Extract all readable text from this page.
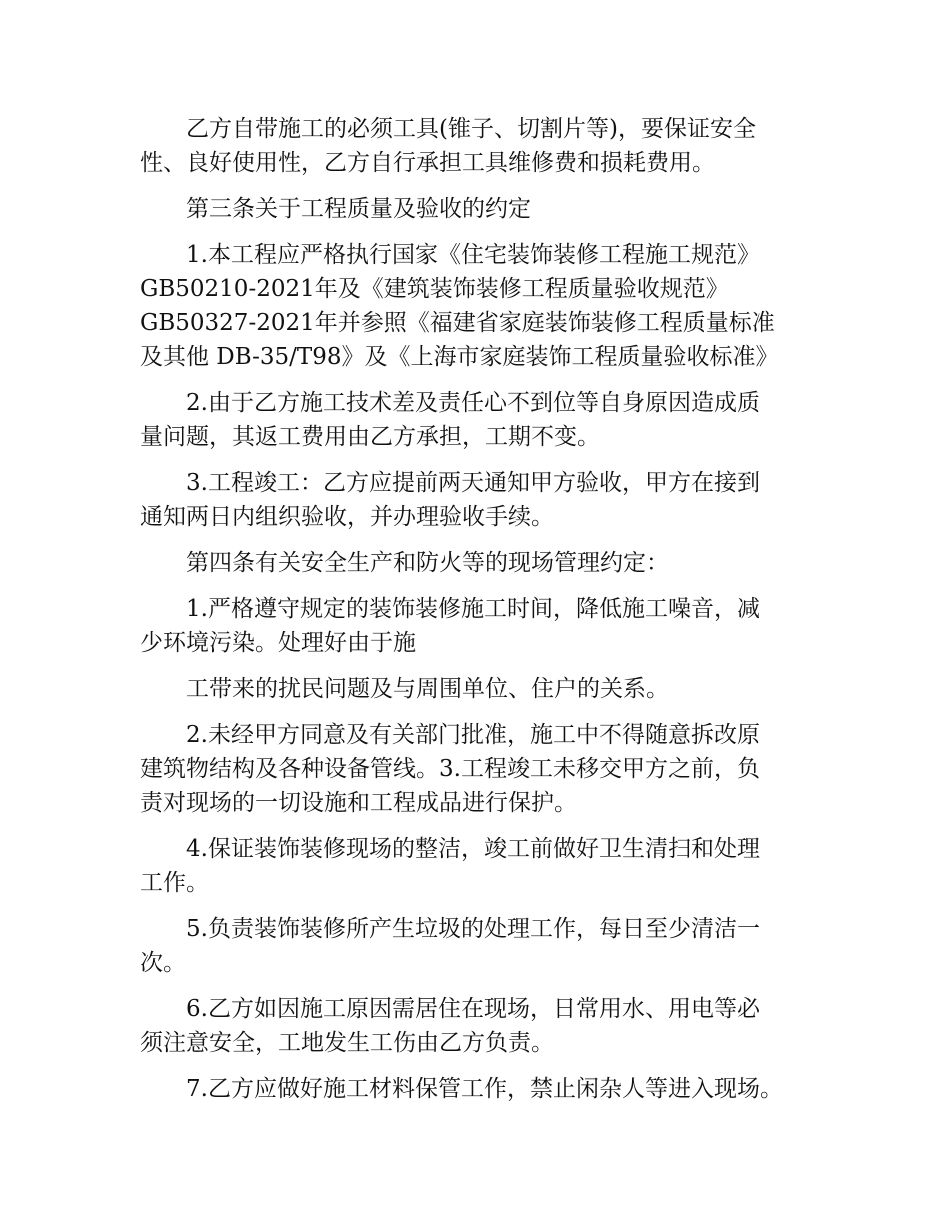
乙方自带施工的必须工具(锥子、切割片等)，要保证安全
性、良好使用性，乙方自行承担工具维修费和损耗费用。

第三条关于工程质量及验收的约定

1.本工程应严格执行国家《住宅装饰装修工程施工规范》
GB50210-2021年及《建筑装饰装修工程质量验收规范》
GB50327-2021年并参照《福建省家庭装饰装修工程质量标准
及其他 DB-35/T98》及《上海市家庭装饰工程质量验收标准》

2.由于乙方施工技术差及责任心不到位等自身原因造成质
量问题，其返工费用由乙方承担，工期不变。

3.工程竣工：乙方应提前两天通知甲方验收，甲方在接到
通知两日内组织验收，并办理验收手续。

第四条有关安全生产和防火等的现场管理约定：

1.严格遵守规定的装饰装修施工时间，降低施工噪音，减
少环境污染。处理好由于施

工带来的扰民问题及与周围单位、住户的关系。

2.未经甲方同意及有关部门批准，施工中不得随意拆改原
建筑物结构及各种设备管线。3.工程竣工未移交甲方之前，负
责对现场的一切设施和工程成品进行保护。

4.保证装饰装修现场的整洁，竣工前做好卫生清扫和处理
工作。

5.负责装饰装修所产生垃圾的处理工作，每日至少清洁一
次。

6.乙方如因施工原因需居住在现场，日常用水、用电等必
须注意安全，工地发生工伤由乙方负责。

7.乙方应做好施工材料保管工作，禁止闲杂人等进入现场。
